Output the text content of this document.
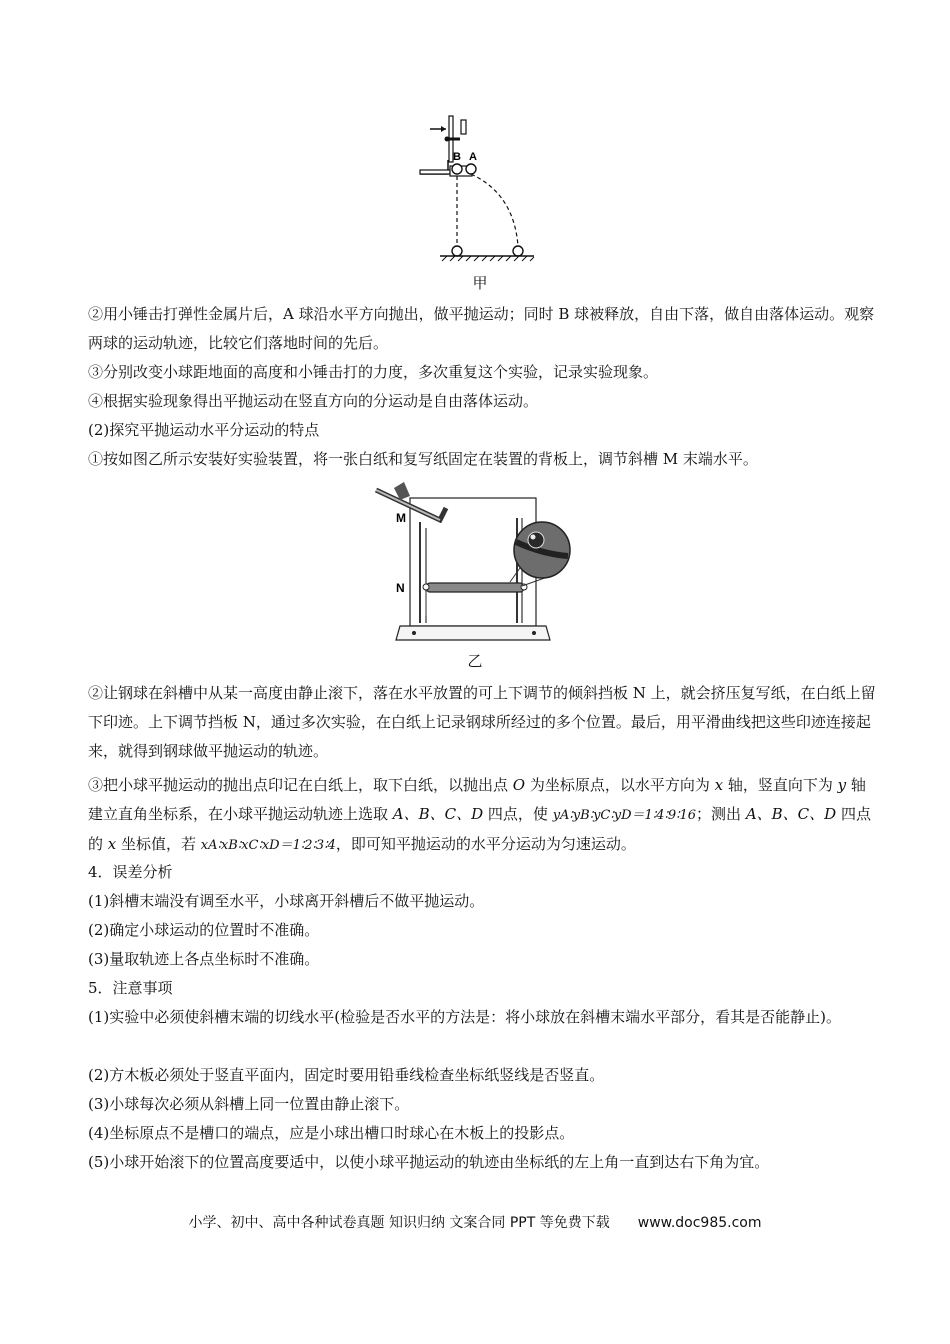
B A
甲
②用小锤击打弹性金属片后，A 球沿水平方向抛出，做平抛运动；同时 B 球被释放，自由下落，做自由落体运动。观察两球的运动轨迹，比较它们落地时间的先后。
③分别改变小球距地面的高度和小锤击打的力度，多次重复这个实验，记录实验现象。
④根据实验现象得出平抛运动在竖直方向的分运动是自由落体运动。
(2)探究平抛运动水平分运动的特点
①按如图乙所示安装好实验装置，将一张白纸和复写纸固定在装置的背板上，调节斜槽 M 末端水平。
M
N
乙
②让钢球在斜槽中从某一高度由静止滚下，落在水平放置的可上下调节的倾斜挡板 N 上，就会挤压复写纸，在白纸上留下印迹。上下调节挡板 N，通过多次实验，在白纸上记录钢球所经过的多个位置。最后，用平滑曲线把这些印迹连接起来，就得到钢球做平抛运动的轨迹。
③把小球平抛运动的抛出点印记在白纸上，取下白纸，以抛出点 O 为坐标原点，以水平方向为 x 轴，竖直向下为 y 轴建立直角坐标系，在小球平抛运动轨迹上选取 A、B、C、D 四点，使 yA∶yB∶yC∶yD＝1∶4∶9∶16；测出 A、B、C、D 四点的 x 坐标值，若 xA∶xB∶xC∶xD＝1∶2∶3∶4，即可知平抛运动的水平分运动为匀速运动。
4．误差分析
(1)斜槽末端没有调至水平，小球离开斜槽后不做平抛运动。
(2)确定小球运动的位置时不准确。
(3)量取轨迹上各点坐标时不准确。
5．注意事项
(1)实验中必须使斜槽末端的切线水平(检验是否水平的方法是：将小球放在斜槽末端水平部分，看其是否能静止)。
(2)方木板必须处于竖直平面内，固定时要用铅垂线检查坐标纸竖线是否竖直。
(3)小球每次必须从斜槽上同一位置由静止滚下。
(4)坐标原点不是槽口的端点，应是小球出槽口时球心在木板上的投影点。
(5)小球开始滚下的位置高度要适中，以使小球平抛运动的轨迹由坐标纸的左上角一直到达右下角为宜。
小学、初中、高中各种试卷真题 知识归纳 文案合同 PPT 等免费下载 www.doc985.com
